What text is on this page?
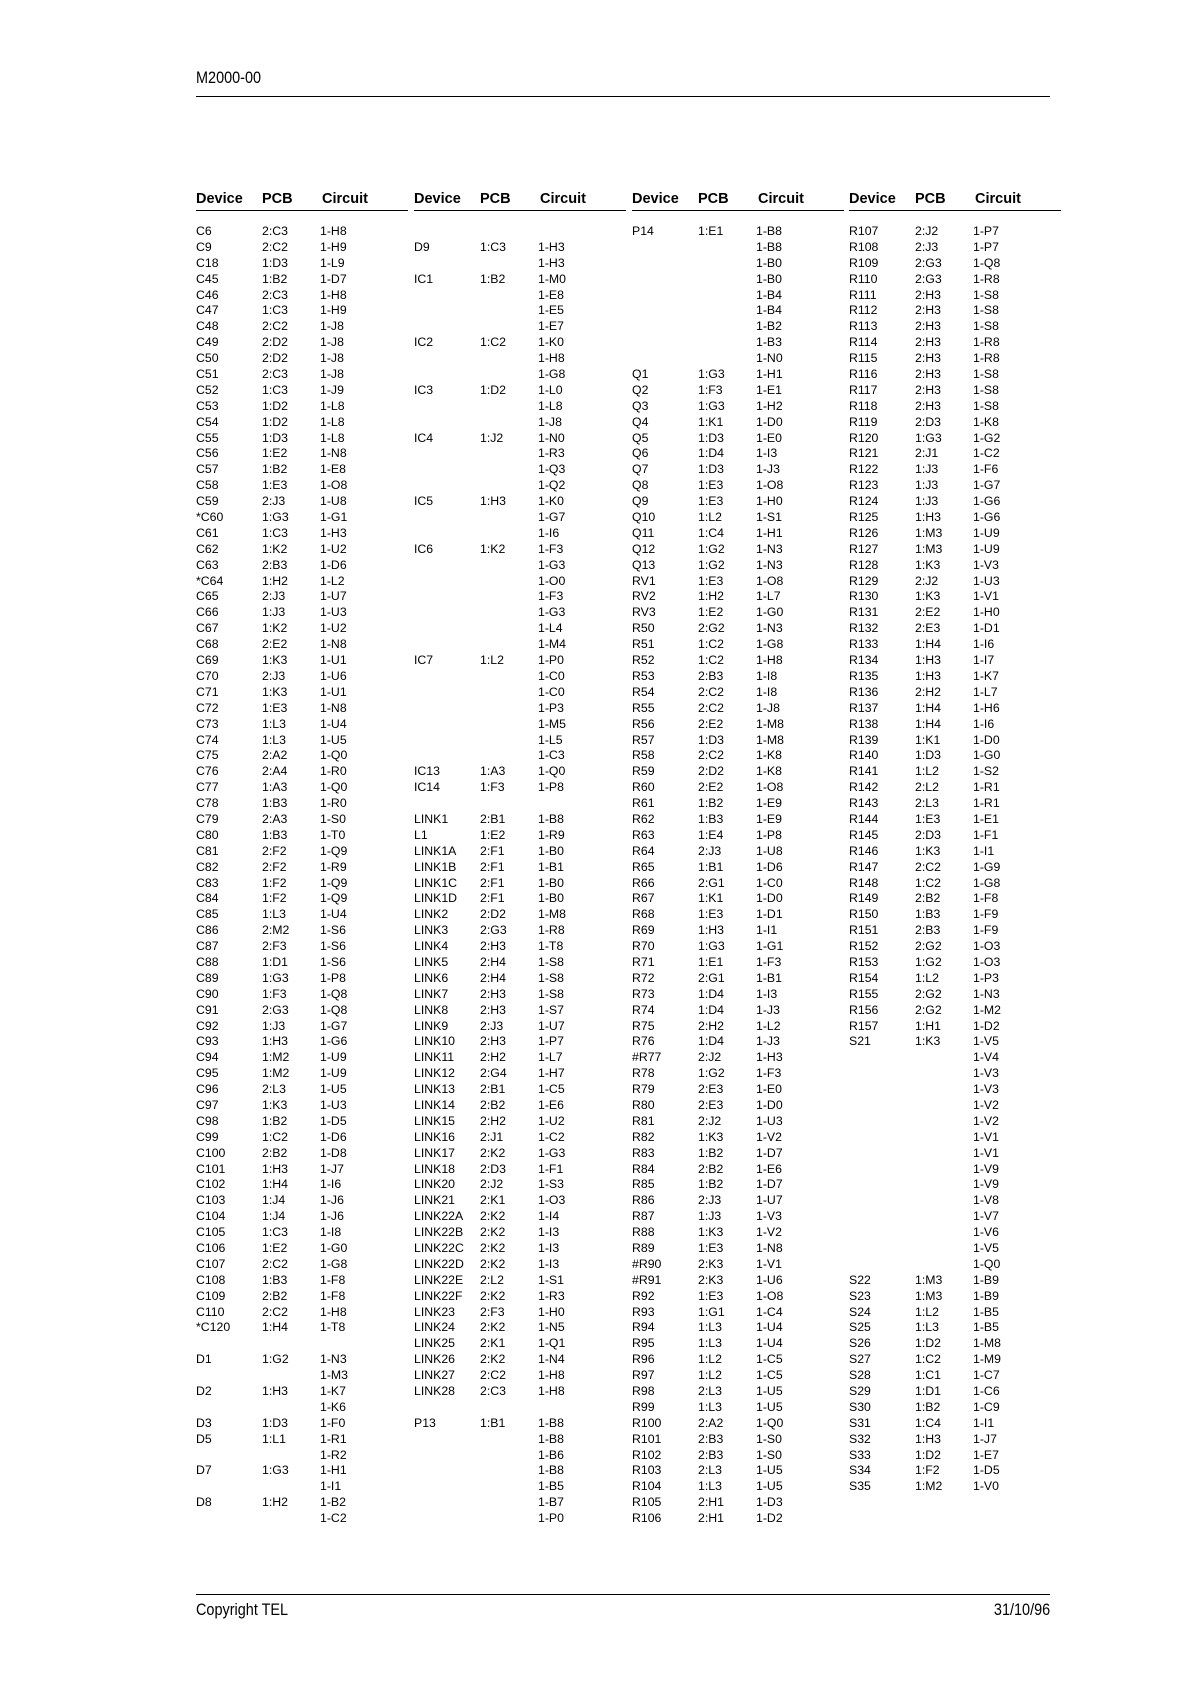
M2000-00
Device PCB Circuit
C6	2:C3	1-H8
C9	2:C2	1-H9
C18	1:D3	1-L9
C45	1:B2	1-D7
C46	2:C3	1-H8
C47	1:C3	1-H9
C48	2:C2	1-J8
C49	2:D2	1-J8
C50	2:D2	1-J8
C51	2:C3	1-J8
C52	1:C3	1-J9
C53	1:D2	1-L8
C54	1:D2	1-L8
C55	1:D3	1-L8
C56	1:E2	1-N8
C57	1:B2	1-E8
C58	1:E3	1-O8
C59	2:J3	1-U8
*C60	1:G3	1-G1
C61	1:C3	1-H3
C62	1:K2	1-U2
C63	2:B3	1-D6
*C64	1:H2	1-L2
C65	2:J3	1-U7
C66	1:J3	1-U3
C67	1:K2	1-U2
C68	2:E2	1-N8
C69	1:K3	1-U1
C70	2:J3	1-U6
C71	1:K3	1-U1
C72	1:E3	1-N8
C73	1:L3	1-U4
C74	1:L3	1-U5
C75	2:A2	1-Q0
C76	2:A4	1-R0
C77	1:A3	1-Q0
C78	1:B3	1-R0
C79	2:A3	1-S0
C80	1:B3	1-T0
C81	2:F2	1-Q9
C82	2:F2	1-R9
C83	1:F2	1-Q9
C84	1:F2	1-Q9
C85	1:L3	1-U4
C86	2:M2 1-S6
C87	2:F3	1-S6
C88	1:D1	1-S6
C89	1:G3	1-P8
C90	1:F3	1-Q8
C91	2:G3	1-Q8
C92	1:J3	1-G7
C93	1:H3	1-G6
C94	1:M2 1-U9
C95	1:M2 1-U9
C96	2:L3	1-U5
C97	1:K3	1-U3
C98	1:B2	1-D5
C99	1:C2	1-D6
C100	2:B2	1-D8
C101	1:H3	1-J7
C102	1:H4	1-I6
C103	1:J4	1-J6
C104	1:J4	1-J6
C105	1:C3	1-I8
C106	1:E2	1-G0
C107	2:C2	1-G8
C108	1:B3	1-F8
C109	2:B2	1-F8
C110	2:C2	1-H8
*C120	1:H4	1-T8
D1	1:G2	1-N3
1-M3
D2	1:H3	1-K7
1-K6
D3	1:D3	1-F0
D5	1:L1	1-R1
1-R2
D7	1:G3	1-H1
1-I1
D8	1:H2	1-B2
1-C2
Device PCB Circuit
D9	1:C3	1-H3
1-H3
IC1	1:B2	1-M0
1-E8
1-E5
1-E7
IC2	1:C2	1-K0
1-H8
1-G8
IC3	1:D2	1-L0
1-L8
1-J8
IC4	1:J2	1-N0
1-R3
1-Q3
1-Q2
IC5	1:H3	1-K0
1-G7
1-I6
IC6	1:K2	1-F3
1-G3
1-O0
1-F3
1-G3
1-L4
1-M4
IC7	1:L2	1-P0
1-C0
1-C0
1-P3
1-M5
1-L5
1-C3
IC13	1:A3	1-Q0
IC14	1:F3	1-P8
LINK1	2:B1	1-B8
L1	1:E2	1-R9
LINK1A 2:F1	1-B0
LINK1B 2:F1	1-B1
LINK1C 2:F1	1-B0
LINK1D 2:F1	1-B0
LINK2	2:D2	1-M8
LINK3	2:G3	1-R8
LINK4	2:H3	1-T8
LINK5	2:H4	1-S8
LINK6	2:H4	1-S8
LINK7	2:H3	1-S8
LINK8	2:H3	1-S7
LINK9	2:J3	1-U7
LINK10 2:H3	1-P7
LINK11 2:H2	1-L7
LINK12 2:G4	1-H7
LINK13 2:B1	1-C5
LINK14 2:B2	1-E6
LINK15 2:H2	1-U2
LINK16 2:J1	1-C2
LINK17 2:K2	1-G3
LINK18 2:D3	1-F1
LINK20 2:J2	1-S3
LINK21 2:K1	1-O3
LINK22A 2:K2	1-I4
LINK22B 2:K2	1-I3
LINK22C 2:K2	1-I3
LINK22D 2:K2	1-I3
LINK22E 2:L2	1-S1
LINK22F 2:K2	1-R3
LINK23 2:F3	1-H0
LINK24 2:K2	1-N5
LINK25 2:K1	1-Q1
LINK26 2:K2	1-N4
LINK27 2:C2	1-H8
LINK28 2:C3	1-H8
P13	1:B1	1-B8
1-B8
1-B6
1-B8
1-B5
1-B7
1-P0
Device PCB Circuit
P14	1:E1	1-B8
1-B8
1-B0
1-B0
1-B4
1-B4
1-B2
1-B3
1-N0
Q1	1:G3	1-H1
Q2	1:F3	1-E1
Q3	1:G3	1-H2
Q4	1:K1	1-D0
Q5	1:D3	1-E0
Q6	1:D4	1-I3
Q7	1:D3	1-J3
Q8	1:E3	1-O8
Q9	1:E3	1-H0
Q10	1:L2	1-S1
Q11	1:C4	1-H1
Q12	1:G2	1-N3
Q13	1:G2	1-N3
RV1	1:E3	1-O8
RV2	1:H2	1-L7
RV3	1:E2	1-G0
R50	2:G2	1-N3
R51	1:C2	1-G8
R52	1:C2	1-H8
R53	2:B3	1-I8
R54	2:C2	1-I8
R55	2:C2	1-J8
R56	2:E2	1-M8
R57	1:D3	1-M8
R58	2:C2	1-K8
R59	2:D2	1-K8
R60	2:E2	1-O8
R61	1:B2	1-E9
R62	1:B3	1-E9
R63	1:E4	1-P8
R64	2:J3	1-U8
R65	1:B1	1-D6
R66	2:G1	1-C0
R67	1:K1	1-D0
R68	1:E3	1-D1
R69	1:H3	1-I1
R70	1:G3	1-G1
R71	1:E1	1-F3
R72	2:G1	1-B1
R73	1:D4	1-I3
R74	1:D4	1-J3
R75	2:H2	1-L2
R76	1:D4	1-J3
#R77	2:J2	1-H3
R78	1:G2	1-F3
R79	2:E3	1-E0
R80	2:E3	1-D0
R81	2:J2	1-U3
R82	1:K3	1-V2
R83	1:B2	1-D7
R84	2:B2	1-E6
R85	1:B2	1-D7
R86	2:J3	1-U7
R87	1:J3	1-V3
R88	1:K3	1-V2
R89	1:E3	1-N8
#R90	2:K3	1-V1
#R91	2:K3	1-U6
R92	1:E3	1-O8
R93	1:G1	1-C4
R94	1:L3	1-U4
R95	1:L3	1-U4
R96	1:L2	1-C5
R97	1:L2	1-C5
R98	2:L3	1-U5
R99	1:L3	1-U5
R100	2:A2	1-Q0
R101	2:B3	1-S0
R102	2:B3	1-S0
R103	2:L3	1-U5
R104	1:L3	1-U5
R105	2:H1	1-D3
R106	2:H1	1-D2
Device PCB Circuit
R107	2:J2	1-P7
R108	2:J3	1-P7
R109	2:G3	1-Q8
R110	2:G3	1-R8
R111	2:H3	1-S8
R112	2:H3	1-S8
R113	2:H3	1-S8
R114	2:H3	1-R8
R115	2:H3	1-R8
R116	2:H3	1-S8
R117	2:H3	1-S8
R118	2:H3	1-S8
R119	2:D3	1-K8
R120	1:G3	1-G2
R121	2:J1	1-C2
R122	1:J3	1-F6
R123	1:J3	1-G7
R124	1:J3	1-G6
R125	1:H3	1-G6
R126	1:M3 1-U9
R127	1:M3 1-U9
R128	1:K3	1-V3
R129	2:J2	1-U3
R130	1:K3	1-V1
R131	2:E2	1-H0
R132	2:E3	1-D1
R133	1:H4	1-I6
R134	1:H3	1-I7
R135	1:H3	1-K7
R136	2:H2	1-L7
R137	1:H4	1-H6
R138	1:H4	1-I6
R139	1:K1	1-D0
R140	1:D3	1-G0
R141	1:L2	1-S2
R142	2:L2	1-R1
R143	2:L3	1-R1
R144	1:E3	1-E1
R145	2:D3	1-F1
R146	1:K3	1-I1
R147	2:C2	1-G9
R148	1:C2	1-G8
R149	2:B2	1-F8
R150	1:B3	1-F9
R151	2:B3	1-F9
R152	2:G2	1-O3
R153	1:G2	1-O3
R154	1:L2	1-P3
R155	2:G2	1-N3
R156	2:G2	1-M2
R157	1:H1	1-D2
S21	1:K3	1-V5
1-V4
1-V3
1-V3
1-V2
1-V2
1-V1
1-V1
1-V9
1-V9
1-V8
1-V7
1-V6
1-V5
1-Q0
S22	1:M3 1-B9
S23	1:M3 1-B9
S24	1:L2	1-B5
S25	1:L3	1-B5
S26	1:D2	1-M8
S27	1:C2	1-M9
S28	1:C1	1-C7
S29	1:D1	1-C6
S30	1:B2	1-C9
S31	1:C4	1-I1
S32	1:H3	1-J7
S33	1:D2	1-E7
S34	1:F2	1-D5
S35	1:M2 1-V0
Copyright TEL	31/10/96
